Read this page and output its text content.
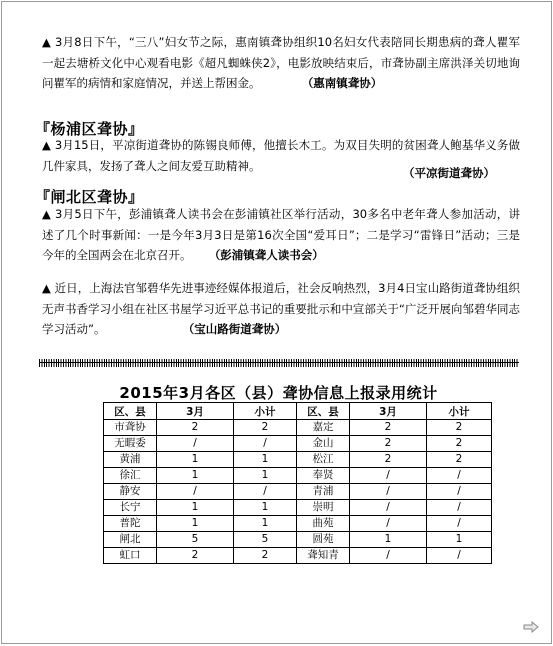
▲ 3月8日下午，“三八”妇女节之际，惠南镇聋协组织10名妇女代表陪同长期患病的聋人瞿军一起去塘桥文化中心观看电影《超凡蜘蛛侠2》，电影放映结束后，市聋协副主席洪泽关切地询问瞿军的病情和家庭情况，并送上帮困金。	（惠南镇聋协）
『杨浦区聋协』
▲ 3月15日，平凉街道聋协的陈锡良师傅，他擅长木工。为双目失明的贫困聋人鲍基华义务做几件家具，发扬了聋人之间友爱互助精神。
（平凉街道聋协）
『闸北区聋协』
▲ 3月5日下午，彭浦镇聋人读书会在彭浦镇社区举行活动，30多名中老年聋人参加活动，讲述了几个时事新闻：一是今年3月3日是第16次全国“爱耳日”；二是学习“雷锋日”活动；三是今年的全国两会在北京召开。 （彭浦镇聋人读书会）
▲ 近日，上海法官邹碧华先进事迹经媒体报道后，社会反响热烈，3月4日宝山路街道聋协组织无声书香学习小组在社区书屋学习近平总书记的重要批示和中宣部关于“广泛开展向邹碧华同志学习活动”。	（宝山路街道聋协）
2015年3月各区（县）聋协信息上报录用统计
区、县	3月	小计	区、县	3月	小计
市聋协	2	2	嘉定	2	2
无暇委	/	/	金山	2	2
黄浦	1	1	松江	2	2
徐汇	1	1	奉贤	/	/
静安	/	/	青浦	/	/
长宁	1	1	崇明	/	/
普陀	1	1	曲苑	/	/
闸北	5	5	圆苑	1	1
虹口	2	2	聋知青	/	/
